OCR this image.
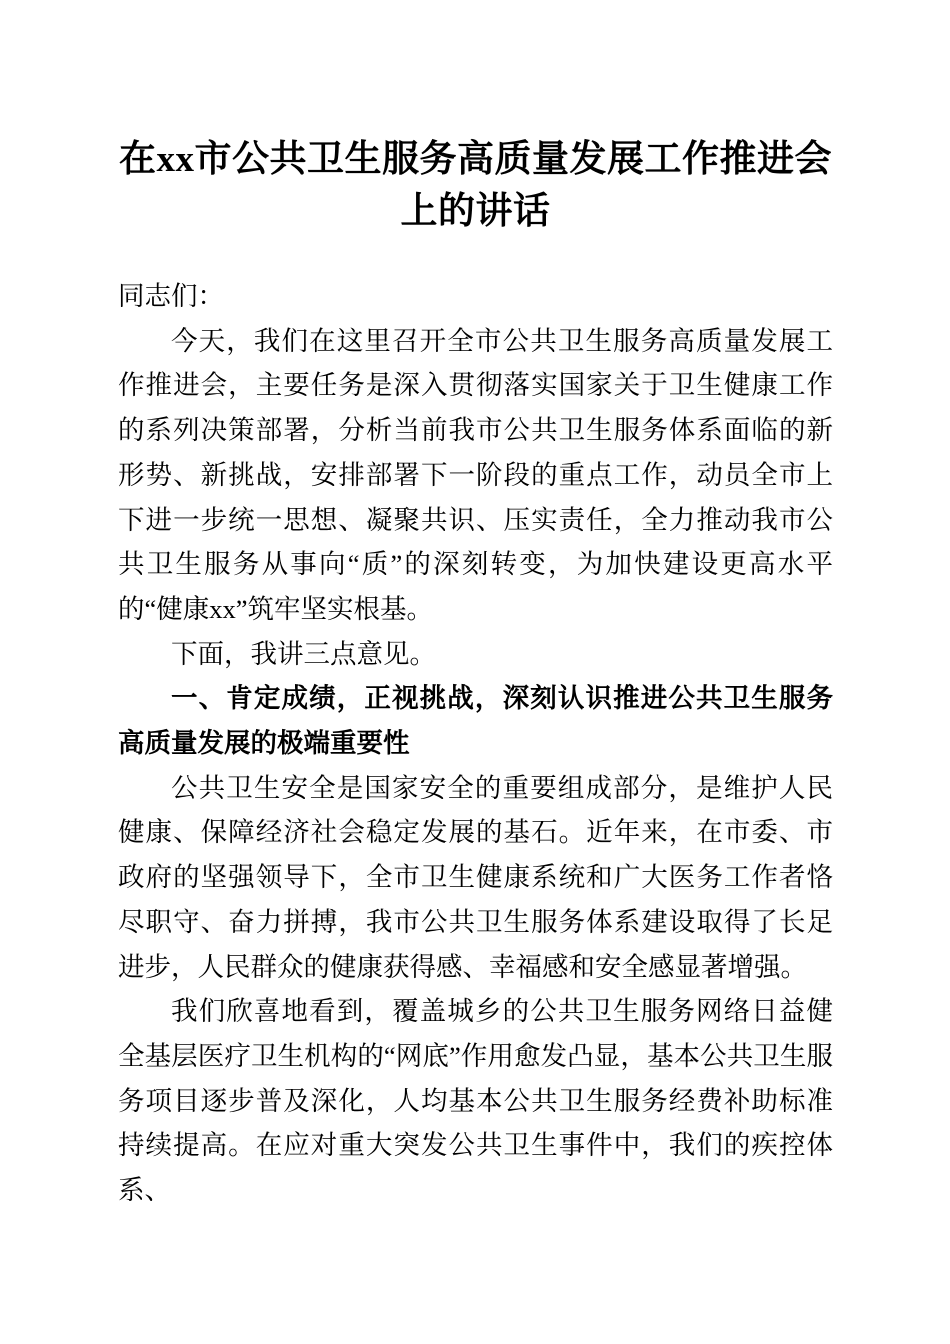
在xx市公共卫生服务高质量发展工作推进会
上的讲话

同志们：

今天，我们在这里召开全市公共卫生服务高质量发展工作推进会，主要任务是深入贯彻落实国家关于卫生健康工作的系列决策部署，分析当前我市公共卫生服务体系面临的新形势、新挑战，安排部署下一阶段的重点工作，动员全市上下进一步统一思想、凝聚共识、压实责任，全力推动我市公共卫生服务从事向“质”的深刻转变，为加快建设更高水平的“健康xx”筑牢坚实根基。

下面，我讲三点意见。

一、肯定成绩，正视挑战，深刻认识推进公共卫生服务高质量发展的极端重要性

公共卫生安全是国家安全的重要组成部分，是维护人民健康、保障经济社会稳定发展的基石。近年来，在市委、市政府的坚强领导下，全市卫生健康系统和广大医务工作者恪尽职守、奋力拼搏，我市公共卫生服务体系建设取得了长足进步，人民群众的健康获得感、幸福感和安全感显著增强。

我们欣喜地看到，覆盖城乡的公共卫生服务网络日益健全基层医疗卫生机构的“网底”作用愈发凸显，基本公共卫生服务项目逐步普及深化，人均基本公共卫生服务经费补助标准持续提高。在应对重大突发公共卫生事件中，我们的疾控体系、
